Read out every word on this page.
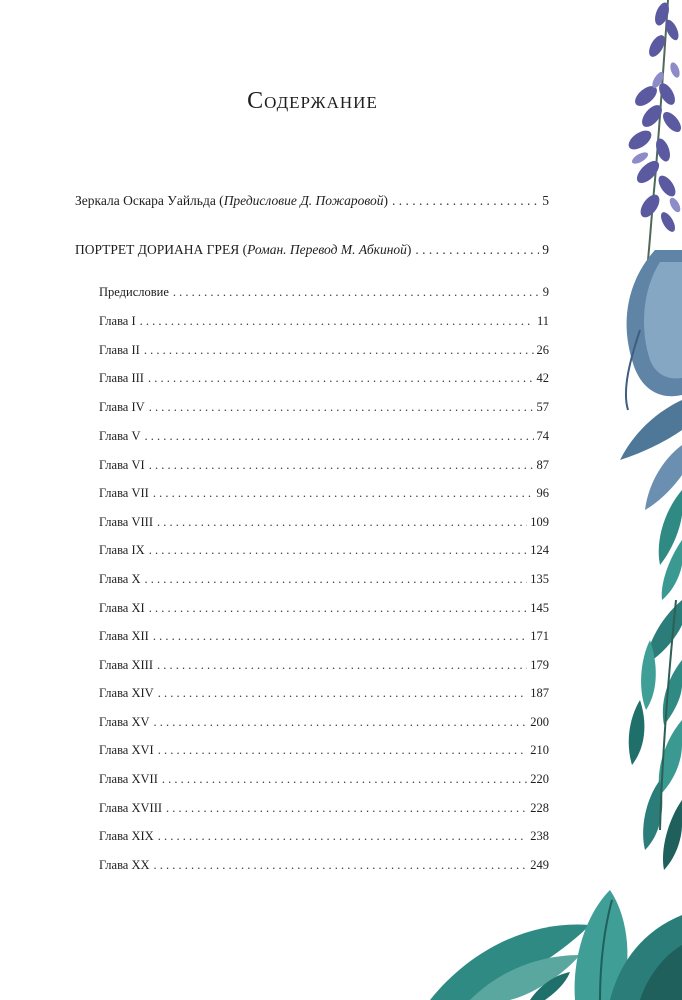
Содержание
Зеркала Оскара Уайльда (Предисловие Д. Пожаровой) . . .	5
ПОРТРЕТ ДОРИАНА ГРЕЯ (Роман. Перевод М. Абкиной) . . .	9
Предисловие . . .	9
Глава I . . .	11
Глава II . . .	26
Глава III . . .	42
Глава IV . . .	57
Глава V . . .	74
Глава VI . . .	87
Глава VII . . .	96
Глава VIII . . .	109
Глава IX . . .	124
Глава X . . .	135
Глава XI . . .	145
Глава XII . . .	171
Глава XIII . . .	179
Глава XIV . . .	187
Глава XV . . .	200
Глава XVI . . .	210
Глава XVII . . .	220
Глава XVIII . . .	228
Глава XIX . . .	238
Глава XX . . .	249
